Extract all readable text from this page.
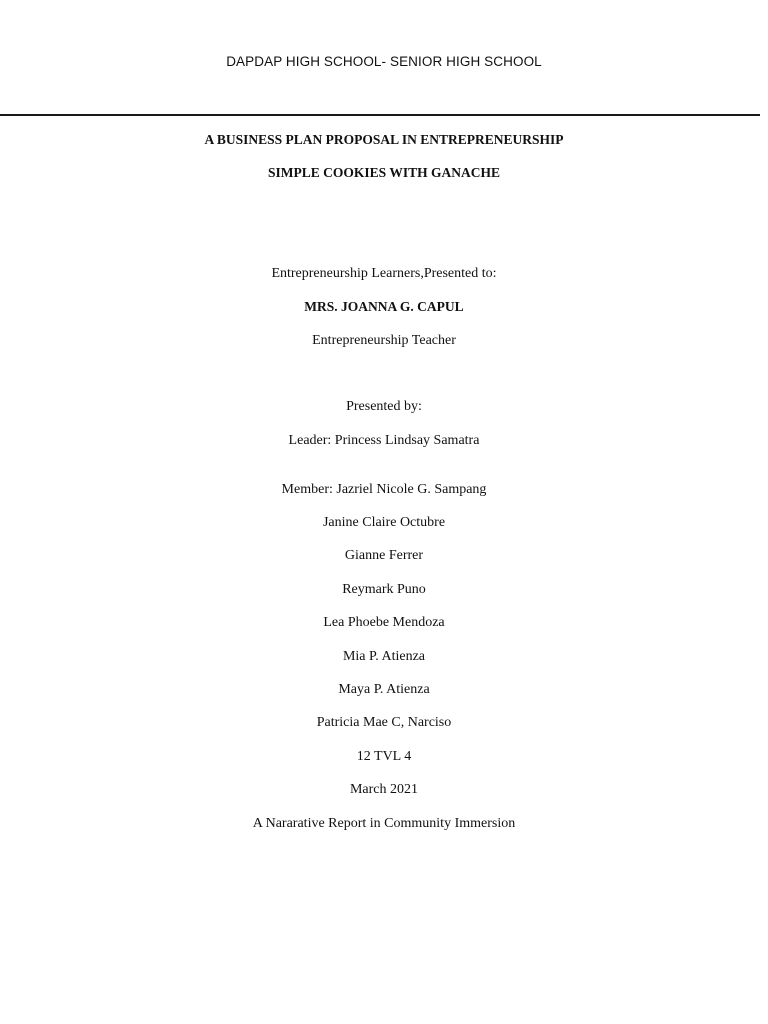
DAPDAP HIGH SCHOOL- SENIOR HIGH SCHOOL
A BUSINESS PLAN PROPOSAL IN ENTREPRENEURSHIP
SIMPLE COOKIES WITH GANACHE
Entrepreneurship Learners,Presented to:
MRS. JOANNA G. CAPUL
Entrepreneurship Teacher
Presented by:
Leader: Princess Lindsay Samatra
Member: Jazriel Nicole G. Sampang
Janine Claire Octubre
Gianne Ferrer
Reymark Puno
Lea Phoebe Mendoza
Mia P. Atienza
Maya P. Atienza
Patricia Mae C, Narciso
12 TVL 4
March 2021
A Nararative Report in Community Immersion
